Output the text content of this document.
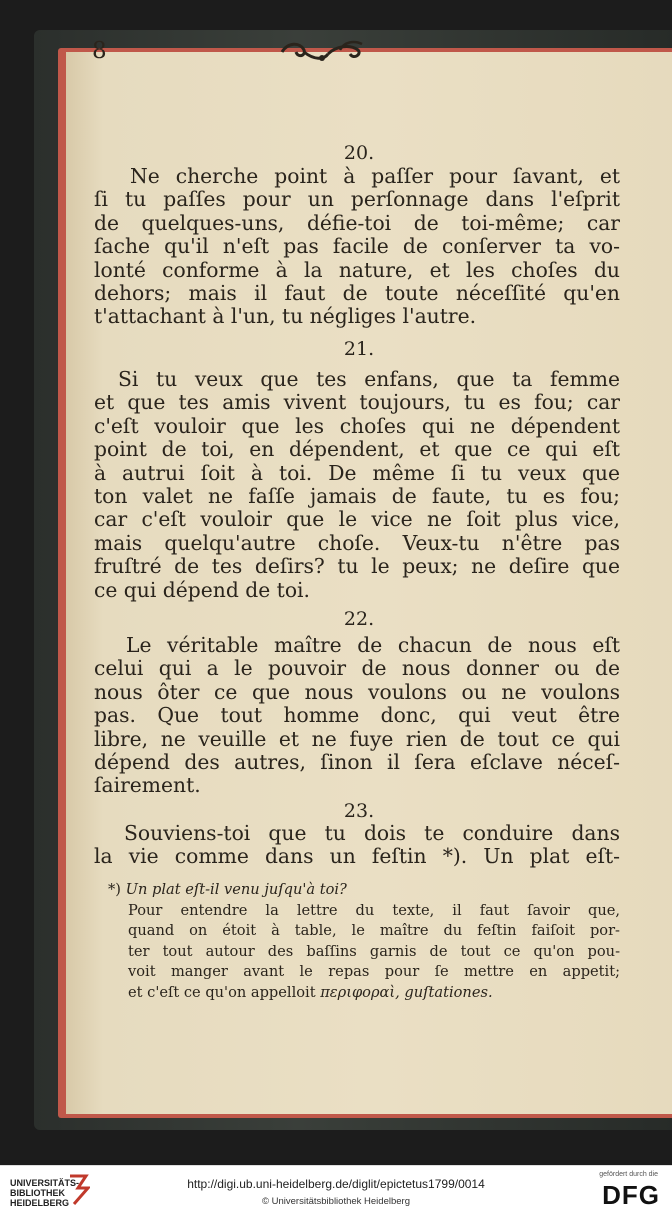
8
20.
Ne cherche point à paſſer pour ſavant, et
ſi tu paſſes pour un perſonnage dans l'eſprit
de quelques-uns, défie-toi de toi-même; car
ſache qu'il n'eſt pas facile de conſerver ta vo-
lonté conforme à la nature, et les choſes du
dehors; mais il faut de toute néceſſité qu'en
t'attachant à l'un, tu négliges l'autre.
21.
Si tu veux que tes enfans, que ta femme
et que tes amis vivent toujours, tu es fou; car
c'eſt vouloir que les choſes qui ne dépendent
point de toi, en dépendent, et que ce qui eſt
à autrui ſoit à toi. De même ſi tu veux que
ton valet ne faſſe jamais de faute, tu es fou;
car c'eſt vouloir que le vice ne ſoit plus vice,
mais quelqu'autre choſe. Veux-tu n'être pas
fruſtré de tes deſirs? tu le peux; ne deſire que
ce qui dépend de toi.
22.
Le véritable maître de chacun de nous eſt
celui qui a le pouvoir de nous donner ou de
nous ôter ce que nous voulons ou ne voulons
pas. Que tout homme donc, qui veut être
libre, ne veuille et ne fuye rien de tout ce qui
dépend des autres, ſinon il ſera eſclave néceſ-
ſairement.
23.
Souviens-toi que tu dois te conduire dans
la vie comme dans un feſtin *). Un plat eſt-
*) Un plat eſt-il venu juſqu'à toi?
Pour entendre la lettre du texte, il faut ſavoir que,
quand on étoit à table, le maître du feſtin faiſoit por-
ter tout autour des baſſins garnis de tout ce qu'on pou-
voit manger avant le repas pour ſe mettre en appetit;
et c'eſt ce qu'on appelloit περιφοραὶ, guſtationes.
UNIVERSITÄTS-
BIBLIOTHEK
HEIDELBERG
http://digi.ub.uni-heidelberg.de/diglit/epictetus1799/0014
© Universitätsbibliothek Heidelberg
gefördert durch die
DFG
